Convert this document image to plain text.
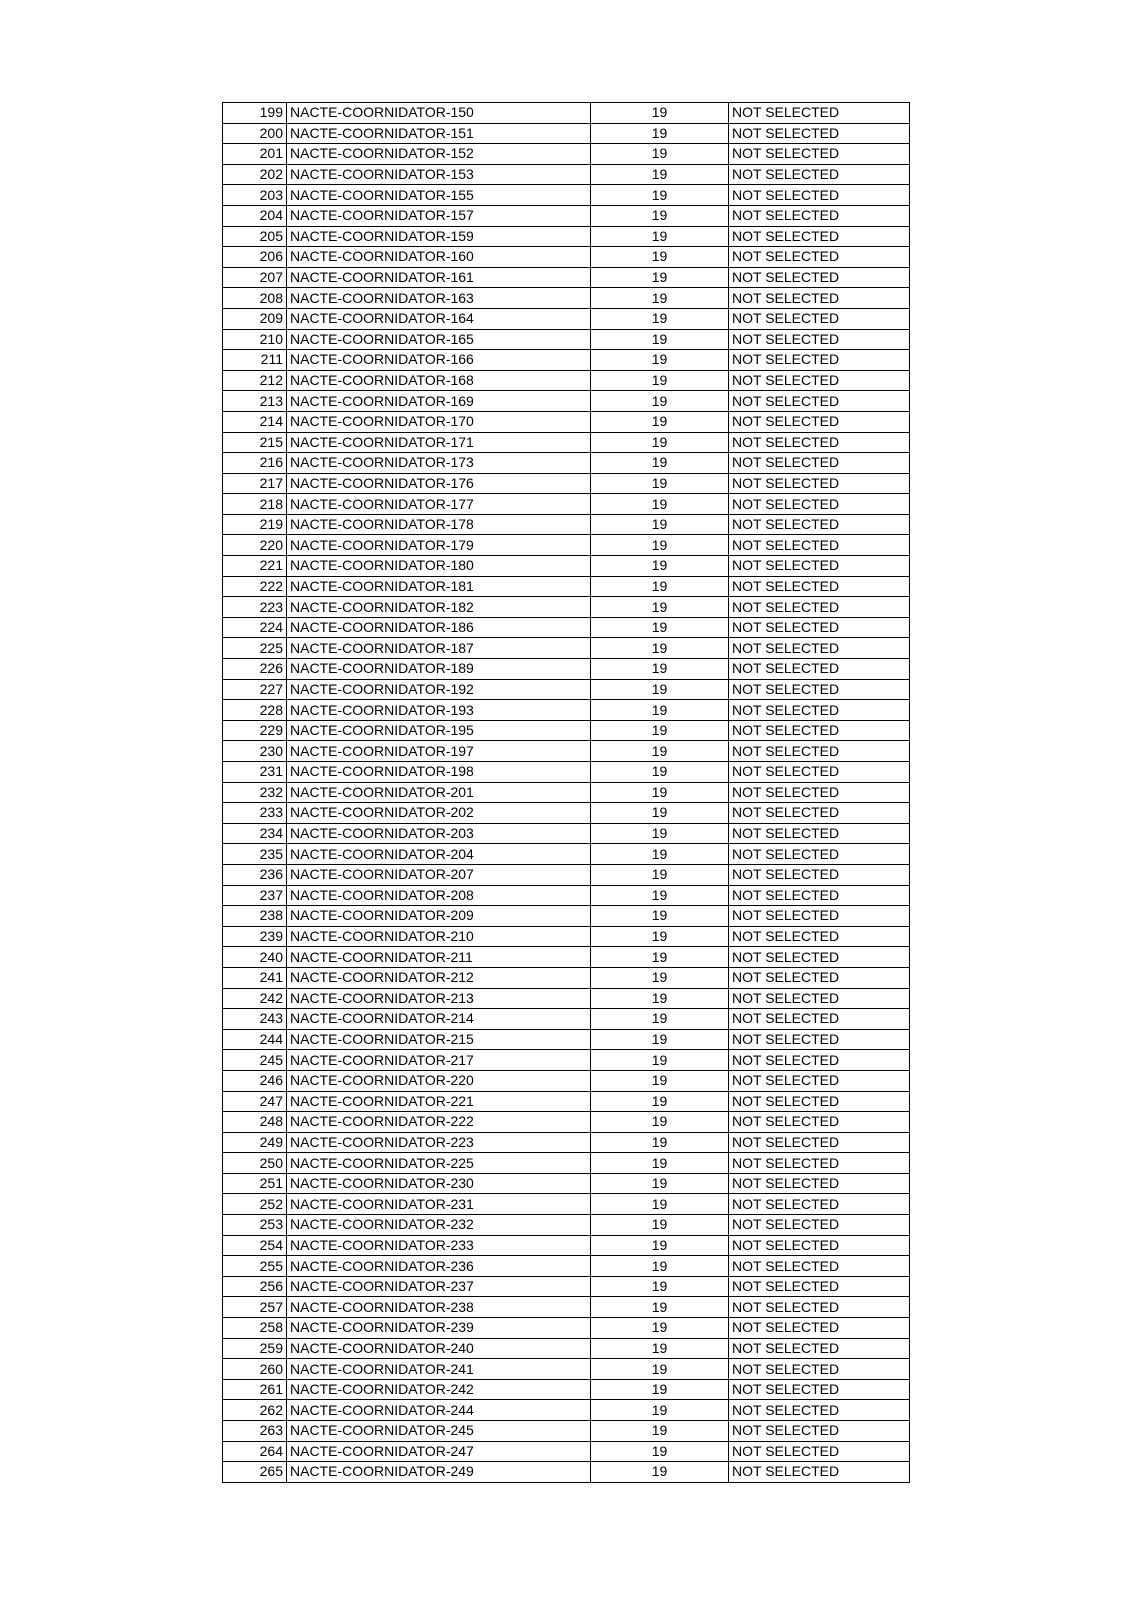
199	NACTE-COORNIDATOR-150	19	NOT SELECTED
200	NACTE-COORNIDATOR-151	19	NOT SELECTED
201	NACTE-COORNIDATOR-152	19	NOT SELECTED
202	NACTE-COORNIDATOR-153	19	NOT SELECTED
203	NACTE-COORNIDATOR-155	19	NOT SELECTED
204	NACTE-COORNIDATOR-157	19	NOT SELECTED
205	NACTE-COORNIDATOR-159	19	NOT SELECTED
206	NACTE-COORNIDATOR-160	19	NOT SELECTED
207	NACTE-COORNIDATOR-161	19	NOT SELECTED
208	NACTE-COORNIDATOR-163	19	NOT SELECTED
209	NACTE-COORNIDATOR-164	19	NOT SELECTED
210	NACTE-COORNIDATOR-165	19	NOT SELECTED
211	NACTE-COORNIDATOR-166	19	NOT SELECTED
212	NACTE-COORNIDATOR-168	19	NOT SELECTED
213	NACTE-COORNIDATOR-169	19	NOT SELECTED
214	NACTE-COORNIDATOR-170	19	NOT SELECTED
215	NACTE-COORNIDATOR-171	19	NOT SELECTED
216	NACTE-COORNIDATOR-173	19	NOT SELECTED
217	NACTE-COORNIDATOR-176	19	NOT SELECTED
218	NACTE-COORNIDATOR-177	19	NOT SELECTED
219	NACTE-COORNIDATOR-178	19	NOT SELECTED
220	NACTE-COORNIDATOR-179	19	NOT SELECTED
221	NACTE-COORNIDATOR-180	19	NOT SELECTED
222	NACTE-COORNIDATOR-181	19	NOT SELECTED
223	NACTE-COORNIDATOR-182	19	NOT SELECTED
224	NACTE-COORNIDATOR-186	19	NOT SELECTED
225	NACTE-COORNIDATOR-187	19	NOT SELECTED
226	NACTE-COORNIDATOR-189	19	NOT SELECTED
227	NACTE-COORNIDATOR-192	19	NOT SELECTED
228	NACTE-COORNIDATOR-193	19	NOT SELECTED
229	NACTE-COORNIDATOR-195	19	NOT SELECTED
230	NACTE-COORNIDATOR-197	19	NOT SELECTED
231	NACTE-COORNIDATOR-198	19	NOT SELECTED
232	NACTE-COORNIDATOR-201	19	NOT SELECTED
233	NACTE-COORNIDATOR-202	19	NOT SELECTED
234	NACTE-COORNIDATOR-203	19	NOT SELECTED
235	NACTE-COORNIDATOR-204	19	NOT SELECTED
236	NACTE-COORNIDATOR-207	19	NOT SELECTED
237	NACTE-COORNIDATOR-208	19	NOT SELECTED
238	NACTE-COORNIDATOR-209	19	NOT SELECTED
239	NACTE-COORNIDATOR-210	19	NOT SELECTED
240	NACTE-COORNIDATOR-211	19	NOT SELECTED
241	NACTE-COORNIDATOR-212	19	NOT SELECTED
242	NACTE-COORNIDATOR-213	19	NOT SELECTED
243	NACTE-COORNIDATOR-214	19	NOT SELECTED
244	NACTE-COORNIDATOR-215	19	NOT SELECTED
245	NACTE-COORNIDATOR-217	19	NOT SELECTED
246	NACTE-COORNIDATOR-220	19	NOT SELECTED
247	NACTE-COORNIDATOR-221	19	NOT SELECTED
248	NACTE-COORNIDATOR-222	19	NOT SELECTED
249	NACTE-COORNIDATOR-223	19	NOT SELECTED
250	NACTE-COORNIDATOR-225	19	NOT SELECTED
251	NACTE-COORNIDATOR-230	19	NOT SELECTED
252	NACTE-COORNIDATOR-231	19	NOT SELECTED
253	NACTE-COORNIDATOR-232	19	NOT SELECTED
254	NACTE-COORNIDATOR-233	19	NOT SELECTED
255	NACTE-COORNIDATOR-236	19	NOT SELECTED
256	NACTE-COORNIDATOR-237	19	NOT SELECTED
257	NACTE-COORNIDATOR-238	19	NOT SELECTED
258	NACTE-COORNIDATOR-239	19	NOT SELECTED
259	NACTE-COORNIDATOR-240	19	NOT SELECTED
260	NACTE-COORNIDATOR-241	19	NOT SELECTED
261	NACTE-COORNIDATOR-242	19	NOT SELECTED
262	NACTE-COORNIDATOR-244	19	NOT SELECTED
263	NACTE-COORNIDATOR-245	19	NOT SELECTED
264	NACTE-COORNIDATOR-247	19	NOT SELECTED
265	NACTE-COORNIDATOR-249	19	NOT SELECTED
